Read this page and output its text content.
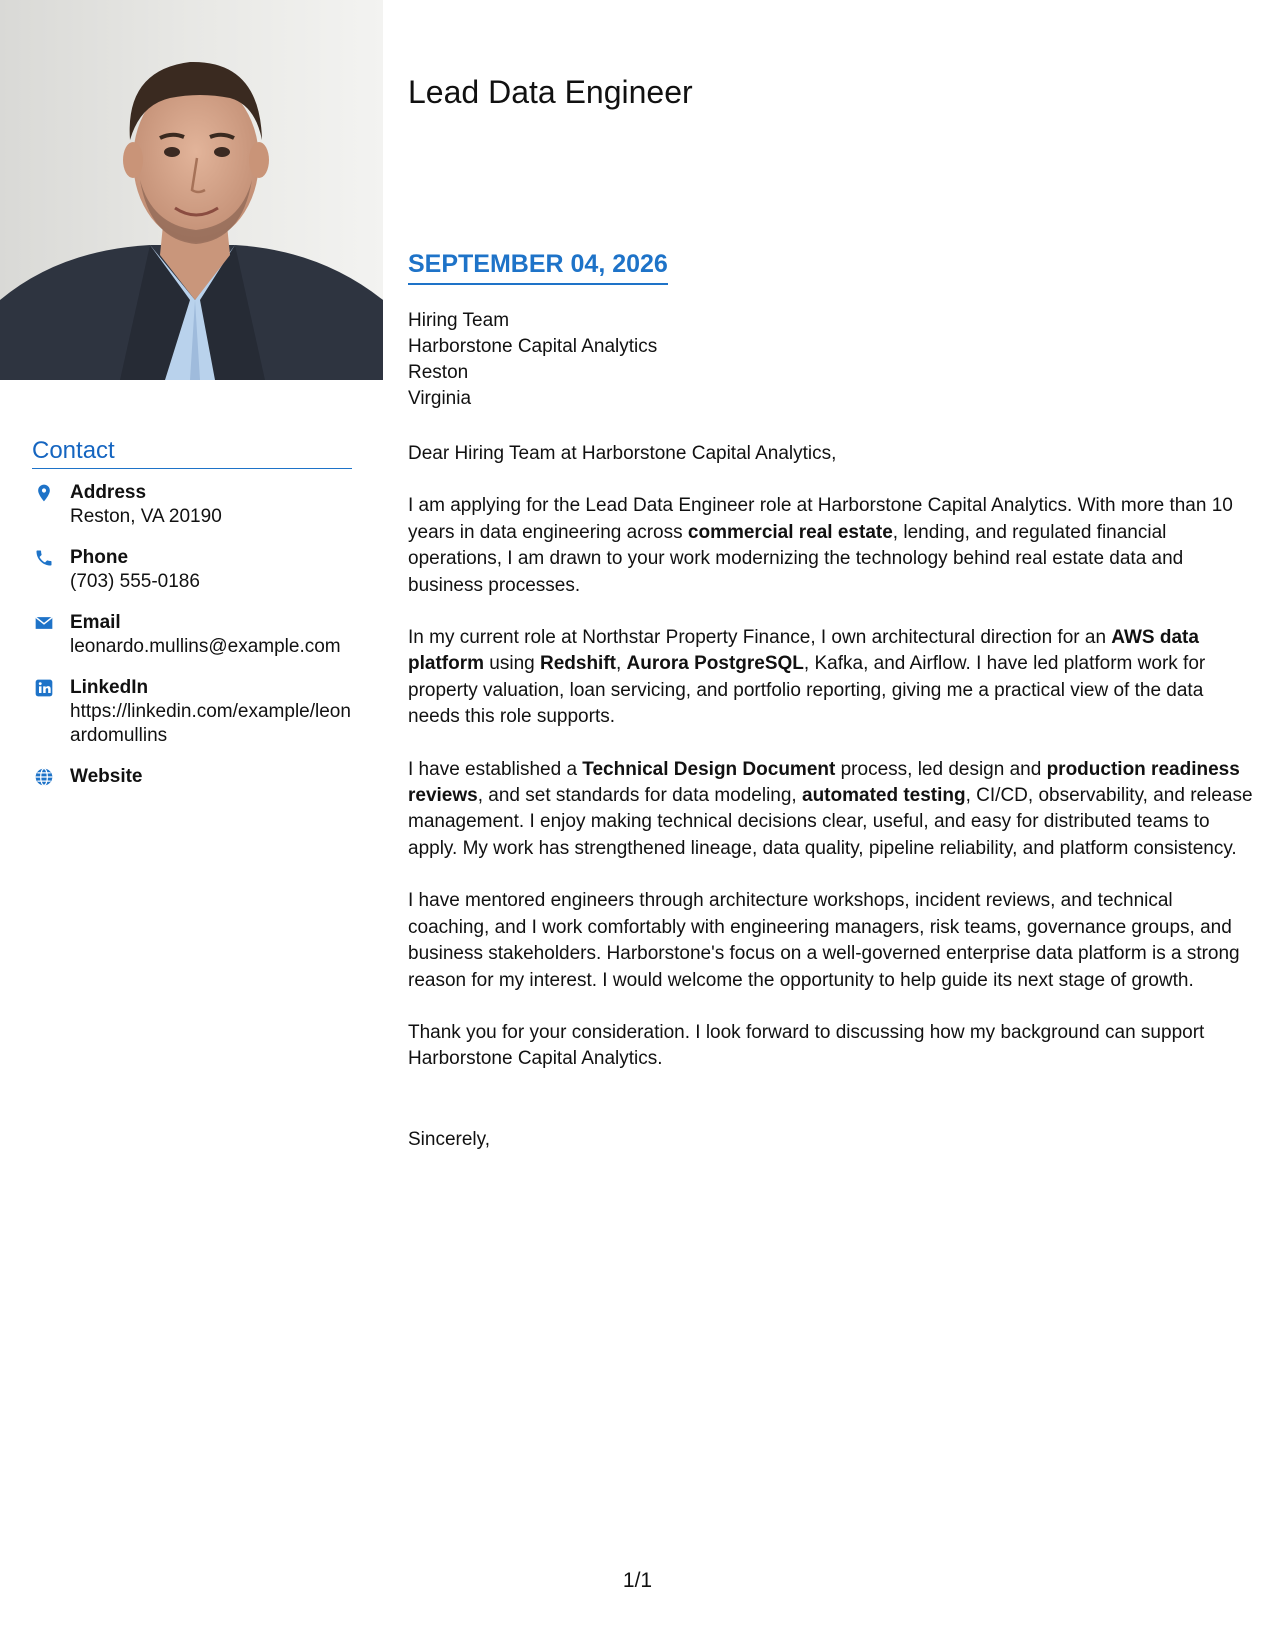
Lead Data Engineer
SEPTEMBER 04, 2026
Hiring Team
Harborstone Capital Analytics
Reston
Virginia
Contact
Address
Reston, VA 20190
Phone
(703) 555-0186
Email
leonardo.mullins@example.com
LinkedIn
https://linkedin.com/example/leonardomullins
Website

Dear Hiring Team at Harborstone Capital Analytics,

I am applying for the Lead Data Engineer role at Harborstone Capital Analytics. With more than 10 years in data engineering across commercial real estate, lending, and regulated financial operations, I am drawn to your work modernizing the technology behind real estate data and business processes.

In my current role at Northstar Property Finance, I own architectural direction for an AWS data platform using Redshift, Aurora PostgreSQL, Kafka, and Airflow. I have led platform work for property valuation, loan servicing, and portfolio reporting, giving me a practical view of the data needs this role supports.

I have established a Technical Design Document process, led design and production readiness reviews, and set standards for data modeling, automated testing, CI/CD, observability, and release management. I enjoy making technical decisions clear, useful, and easy for distributed teams to apply. My work has strengthened lineage, data quality, pipeline reliability, and platform consistency.

I have mentored engineers through architecture workshops, incident reviews, and technical coaching, and I work comfortably with engineering managers, risk teams, governance groups, and business stakeholders. Harborstone's focus on a well-governed enterprise data platform is a strong reason for my interest. I would welcome the opportunity to help guide its next stage of growth.

Thank you for your consideration. I look forward to discussing how my background can support Harborstone Capital Analytics.

Sincerely,
1/1
